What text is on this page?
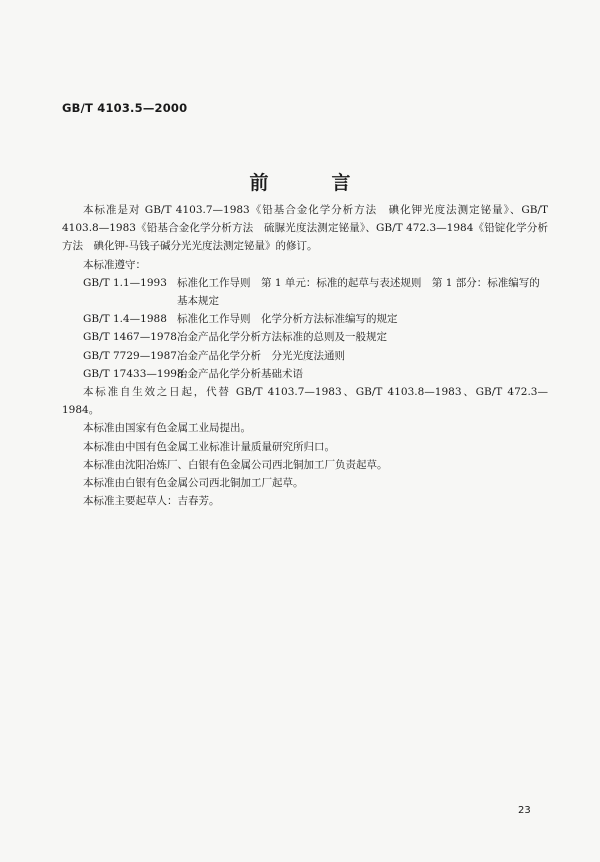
GB/T 4103.5—2000
前　言

本标准是对 GB/T 4103.7—1983《铅基合金化学分析方法　碘化钾光度法测定铋量》、GB/T 4103.8—1983《铅基合金化学分析方法　硫脲光度法测定铋量》、GB/T 472.3—1984《铅锭化学分析方法　碘化钾-马钱子碱分光光度法测定铋量》的修订。

本标准遵守：

GB/T 1.1—1993 标准化工作导则　第 1 单元：标准的起草与表述规则　第 1 部分：标准编写的基本规定
GB/T 1.4—1988 标准化工作导则　化学分析方法标准编写的规定
GB/T 1467—1978 冶金产品化学分析方法标准的总则及一般规定
GB/T 7729—1987 冶金产品化学分析　分光光度法通则
GB/T 17433—1998
冶金产品化学分析基础术语

本标准自生效之日起，代替 GB/T 4103.7—1983、GB/T 4103.8—1983、GB/T 472.3—1984。

本标准由国家有色金属工业局提出。

本标准由中国有色金属工业标准计量质量研究所归口。

本标准由沈阳冶炼厂、白银有色金属公司西北铜加工厂负责起草。

本标准由白银有色金属公司西北铜加工厂起草。

本标准主要起草人：吉春芳。

23
